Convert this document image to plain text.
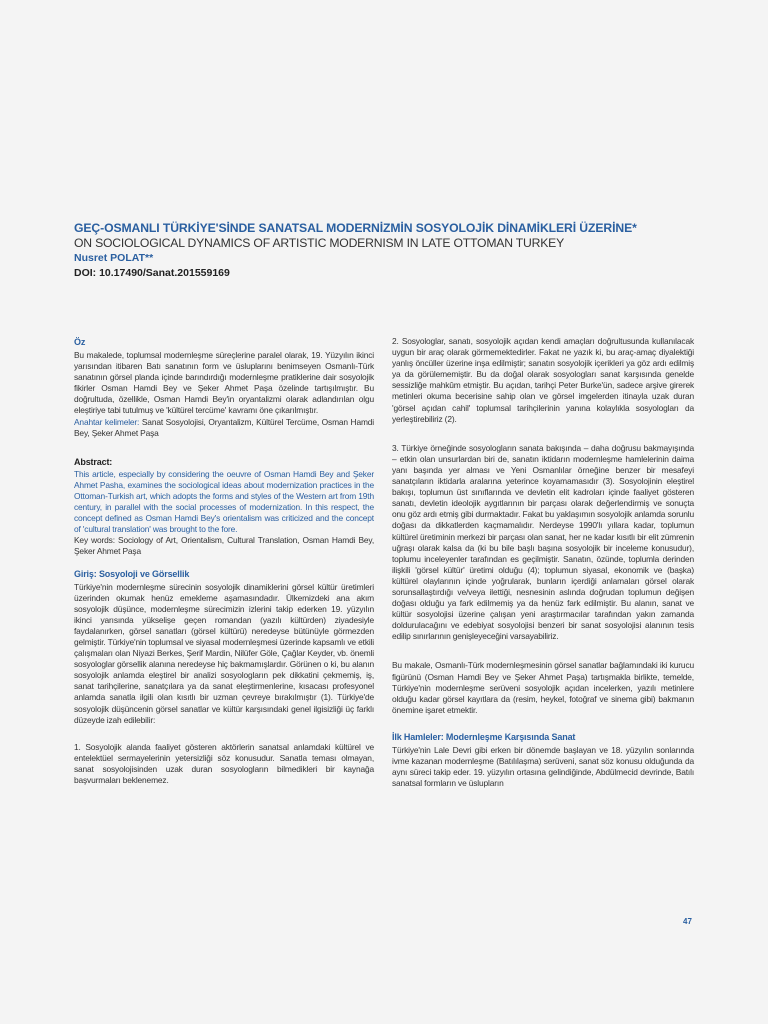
GEÇ-OSMANLI TÜRKİYE'SİNDE SANATSAL MODERNİZMİN SOSYOLOJİK DİNAMİKLERİ ÜZERİNE*
ON SOCIOLOGICAL DYNAMICS OF ARTISTIC MODERNISM IN LATE OTTOMAN TURKEY
Nusret POLAT**
DOI: 10.17490/Sanat.201559169
Öz

Bu makalede, toplumsal modernleşme süreçlerine paralel olarak, 19. Yüzyılın ikinci yarısından itibaren Batı sanatının form ve üsluplarını benimseyen Osmanlı-Türk sanatının görsel planda içinde barındırdığı modernleşme pratiklerine dair sosyolojik fikirler Osman Hamdi Bey ve Şeker Ahmet Paşa özelinde tartışılmıştır. Bu doğrultuda, özellikle, Osman Hamdi Bey'in oryantalizmi olarak adlandırılan olgu eleştiriye tabi tutulmuş ve 'kültürel tercüme' kavramı öne çıkarılmıştır.

Anahtar kelimeler: Sanat Sosyolojisi, Oryantalizm, Kültürel Tercüme, Osman Hamdi Bey, Şeker Ahmet Paşa

Abstract:

This article, especially by considering the oeuvre of Osman Hamdi Bey and Şeker Ahmet Pasha, examines the sociological ideas about modernization practices in the Ottoman-Turkish art, which adopts the forms and styles of the Western art from 19th century, in parallel with the social processes of modernization. In this respect, the concept defined as Osman Hamdi Bey's orientalism was criticized and the concept of 'cultural translation' was brought to the fore.

Key words: Sociology of Art, Orientalism, Cultural Translation, Osman Hamdi Bey, Şeker Ahmet Paşa

Giriş: Sosyoloji ve Görsellik

Türkiye'nin modernleşme sürecinin sosyolojik dinamiklerini görsel kültür üretimleri üzerinden okumak henüz emekleme aşamasındadır. Ülkemizdeki ana akım sosyolojik düşünce, modernleşme sürecimizin izlerini takip ederken 19. yüzyılın ikinci yarısında yükselişe geçen romandan (yazılı kültürden) ziyadesiyle faydalanırken, görsel sanatları (görsel kültürü) neredeyse bütünüyle görmezden gelmiştir. Türkiye'nin toplumsal ve siyasal modernleşmesi üzerinde kapsamlı ve etkili çalışmaları olan Niyazi Berkes, Şerif Mardin, Nilüfer Göle, Çağlar Keyder, vb. önemli sosyologlar görsellik alanına neredeyse hiç bakmamışlardır. Görünen o ki, bu alanın sosyolojik anlamda eleştirel bir analizi sosyologların pek dikkatini çekmemiş, iş, sanat tarihçilerine, sanatçılara ya da sanat eleştirmenlerine, kısacası profesyonel anlamda sanatla ilgili olan kısıtlı bir uzman çevreye bırakılmıştır (1). Türkiye'de sosyolojik düşüncenin görsel sanatlar ve kültür karşısındaki genel ilgisizliği üç farklı düzeyde izah edilebilir:

1. Sosyolojik alanda faaliyet gösteren aktörlerin sanatsal anlamdaki kültürel ve entelektüel sermayelerinin yetersizliği söz konusudur. Sanatla teması olmayan, sanat sosyolojisinden uzak duran sosyologların bilmedikleri bir kaynağa başvurmaları beklenemez.

2. Sosyologlar, sanatı, sosyolojik açıdan kendi amaçları doğrultusunda kullanılacak uygun bir araç olarak görmemektedirler. Fakat ne yazık ki, bu araç-amaç diyalektiği yanlış öncüller üzerine inşa edilmiştir; sanatın sosyolojik içerikleri ya göz ardı edilmiş ya da görülememiştir. Bu da doğal olarak sosyologları sanat karşısında genelde sessizliğe mahkûm etmiştir. Bu açıdan, tarihçi Peter Burke'ün, sadece arşive girerek metinleri okuma becerisine sahip olan ve görsel imgelerden itinayla uzak duran 'görsel açıdan cahil' toplumsal tarihçilerinin yanına kolaylıkla sosyologları da yerleştirebiliriz (2).

3. Türkiye örneğinde sosyologların sanata bakışında – daha doğrusu bakmayışında – etkin olan unsurlardan biri de, sanatın iktidarın modernleşme hamlelerinin daima yanı başında yer alması ve Yeni Osmanlılar örneğine benzer bir mesafeyi sanatçıların iktidarla aralarına yeterince koyamamasıdır (3). Sosyolojinin eleştirel bakışı, toplumun üst sınıflarında ve devletin elit kadroları içinde faaliyet gösteren sanatı, devletin ideolojik aygıtlarının bir parçası olarak değerlendirmiş ve sonuçta onu göz ardı etmiş gibi durmaktadır. Fakat bu yaklaşımın sosyolojik anlamda sorunlu doğası da dikkatlerden kaçmamalıdır. Nerdeyse 1990'lı yıllara kadar, toplumun kültürel üretiminin merkezi bir parçası olan sanat, her ne kadar kısıtlı bir elit zümrenin uğraşı olarak kalsa da (ki bu bile başlı başına sosyolojik bir inceleme konusudur), toplumu inceleyenler tarafından es geçilmiştir. Sanatın, özünde, toplumla derinden ilişkili 'görsel kültür' üretimi olduğu (4); toplumun siyasal, ekonomik ve (başka) kültürel olaylarının içinde yoğrularak, bunların içerdiği anlamaları görsel olarak sorunsallaştırdığı ve/veya ilettiği, nesnesinin aslında doğrudan toplumun değişen doğası olduğu ya fark edilmemiş ya da henüz fark edilmiştir. Bu alanın, sanat ve kültür sosyolojisi üzerine çalışan yeni araştırmacılar tarafından yakın zamanda doldurulacağını ve edebiyat sosyolojisi benzeri bir sanat sosyolojisi alanının tesis edilip sınırlarının genişleyeceğini varsayabiliriz.

Bu makale, Osmanlı-Türk modernleşmesinin görsel sanatlar bağlamındaki iki kurucu figürünü (Osman Hamdi Bey ve Şeker Ahmet Paşa) tartışmakla birlikte, temelde, Türkiye'nin modernleşme serüveni sosyolojik açıdan incelerken, yazılı metinlere olduğu kadar görsel kayıtlara da (resim, heykel, fotoğraf ve sinema gibi) bakmanın önemine işaret etmektir.

İlk Hamleler: Modernleşme Karşısında Sanat

Türkiye'nin Lale Devri gibi erken bir dönemde başlayan ve 18. yüzyılın sonlarında ivme kazanan modernleşme (Batılılaşma) serüveni, sanat söz konusu olduğunda da aynı süreci takip eder. 19. yüzyılın ortasına gelindiğinde, Abdülmecid devrinde, Batılı sanatsal formların ve üslupların

47
